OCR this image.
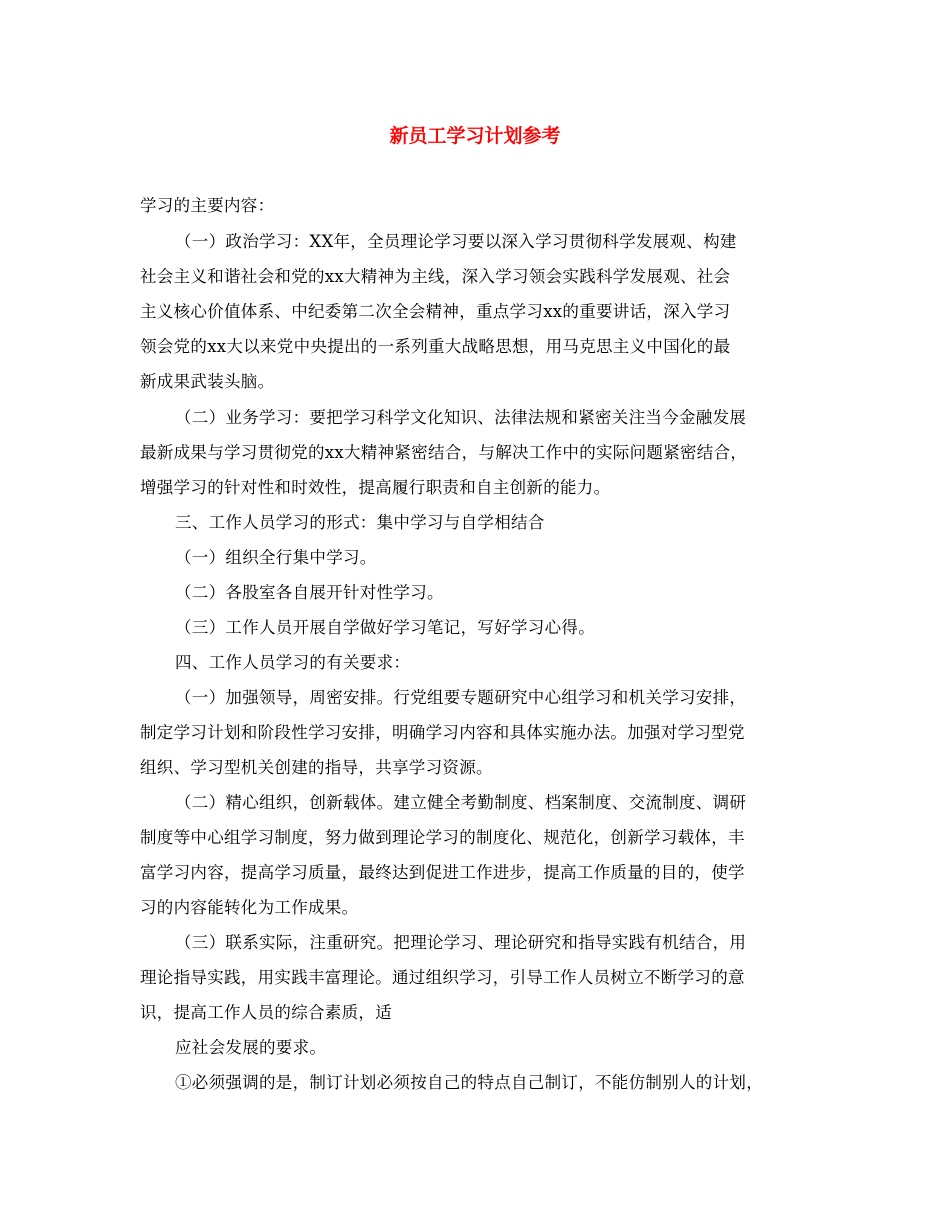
新员工学习计划参考
学习的主要内容：
（一）政治学习：XX年，全员理论学习要以深入学习贯彻科学发展观、构建
社会主义和谐社会和党的xx大精神为主线，深入学习领会实践科学发展观、社会
主义核心价值体系、中纪委第二次全会精神，重点学习xx的重要讲话，深入学习
领会党的xx大以来党中央提出的一系列重大战略思想，用马克思主义中国化的最
新成果武装头脑。
（二）业务学习：要把学习科学文化知识、法律法规和紧密关注当今金融发展
最新成果与学习贯彻党的xx大精神紧密结合，与解决工作中的实际问题紧密结合，
增强学习的针对性和时效性，提高履行职责和自主创新的能力。
三、工作人员学习的形式：集中学习与自学相结合
（一）组织全行集中学习。
（二）各股室各自展开针对性学习。
（三）工作人员开展自学做好学习笔记，写好学习心得。
四、工作人员学习的有关要求：
（一）加强领导，周密安排。行党组要专题研究中心组学习和机关学习安排，
制定学习计划和阶段性学习安排，明确学习内容和具体实施办法。加强对学习型党
组织、学习型机关创建的指导，共享学习资源。
（二）精心组织，创新载体。建立健全考勤制度、档案制度、交流制度、调研
制度等中心组学习制度，努力做到理论学习的制度化、规范化，创新学习载体，丰
富学习内容，提高学习质量，最终达到促进工作进步，提高工作质量的目的，使学
习的内容能转化为工作成果。
（三）联系实际，注重研究。把理论学习、理论研究和指导实践有机结合，用
理论指导实践，用实践丰富理论。通过组织学习，引导工作人员树立不断学习的意
识，提高工作人员的综合素质，适
应社会发展的要求。
①必须强调的是，制订计划必须按自己的特点自己制订，不能仿制别人的计划，
